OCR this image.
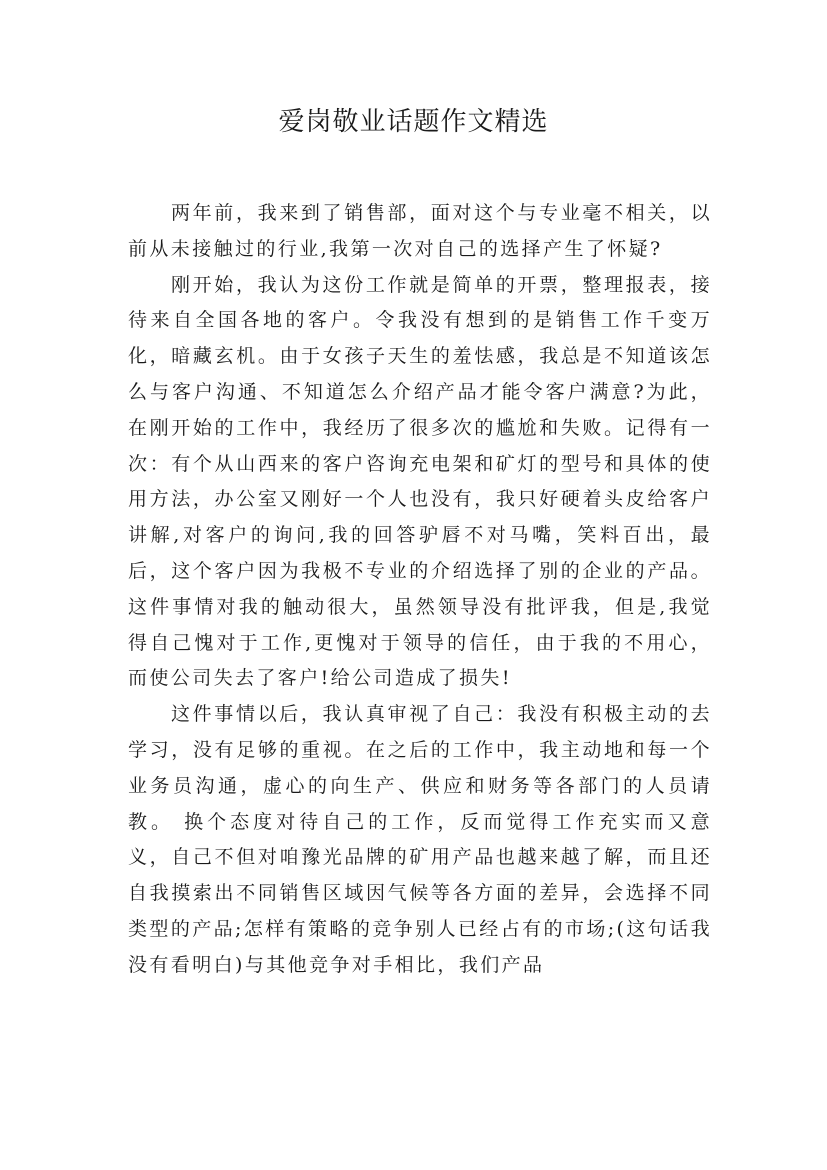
爱岗敬业话题作文精选

两年前，我来到了销售部，面对这个与专业毫不相关，以前从未接触过的行业,我第一次对自己的选择产生了怀疑?

刚开始，我认为这份工作就是简单的开票，整理报表，接待来自全国各地的客户。令我没有想到的是销售工作千变万化，暗藏玄机。由于女孩子天生的羞怯感，我总是不知道该怎么与客户沟通、不知道怎么介绍产品才能令客户满意?为此，在刚开始的工作中，我经历了很多次的尴尬和失败。记得有一次：有个从山西来的客户咨询充电架和矿灯的型号和具体的使用方法，办公室又刚好一个人也没有，我只好硬着头皮给客户讲解,对客户的询问,我的回答驴唇不对马嘴，笑料百出，最后，这个客户因为我极不专业的介绍选择了别的企业的产品。这件事情对我的触动很大，虽然领导没有批评我，但是,我觉得自己愧对于工作,更愧对于领导的信任，由于我的不用心，而使公司失去了客户!给公司造成了损失!

这件事情以后，我认真审视了自己：我没有积极主动的去学习，没有足够的重视。在之后的工作中，我主动地和每一个业务员沟通，虚心的向生产、供应和财务等各部门的人员请教。 换个态度对待自己的工作，反而觉得工作充实而又意义，自己不但对咱豫光品牌的矿用产品也越来越了解，而且还自我摸索出不同销售区域因气候等各方面的差异，会选择不同类型的产品;怎样有策略的竞争别人已经占有的市场;(这句话我没有看明白)与其他竞争对手相比，我们产品
